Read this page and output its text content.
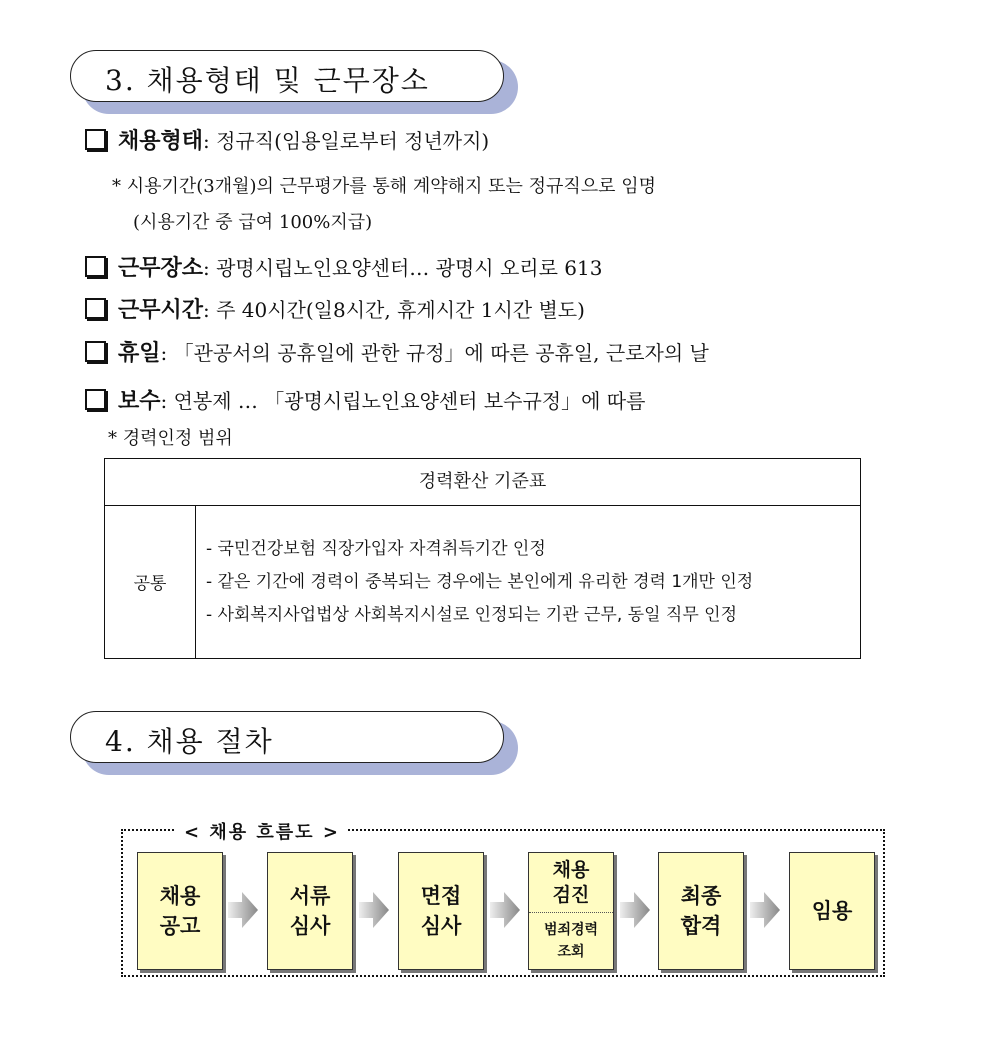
3. 채용형태 및 근무장소
채용형태: 정규직(임용일로부터 정년까지)
* 시용기간(3개월)의 근무평가를 통해 계약해지 또는 정규직으로 임명
(시용기간 중 급여 100%지급)
근무장소: 광명시립노인요양센터… 광명시 오리로 613
근무시간: 주 40시간(일8시간, 휴게시간 1시간 별도)
휴일: 「관공서의 공휴일에 관한 규정」에 따른 공휴일, 근로자의 날
보수: 연봉제 … 「광명시립노인요양센터 보수규정」에 따름
* 경력인정 범위
경력환산 기준표
공통
- 국민건강보험 직장가입자 자격취득기간 인정
- 같은 기간에 경력이 중복되는 경우에는 본인에게 유리한 경력 1개만 인정
- 사회복지사업법상 사회복지시설로 인정되는 기관 근무, 동일 직무 인정
4. 채용 절차
< 채용 흐름도 >
채용
공고
서류
심사
면접
심사
채용
검진
범죄경력
조회
최종
합격
임용
